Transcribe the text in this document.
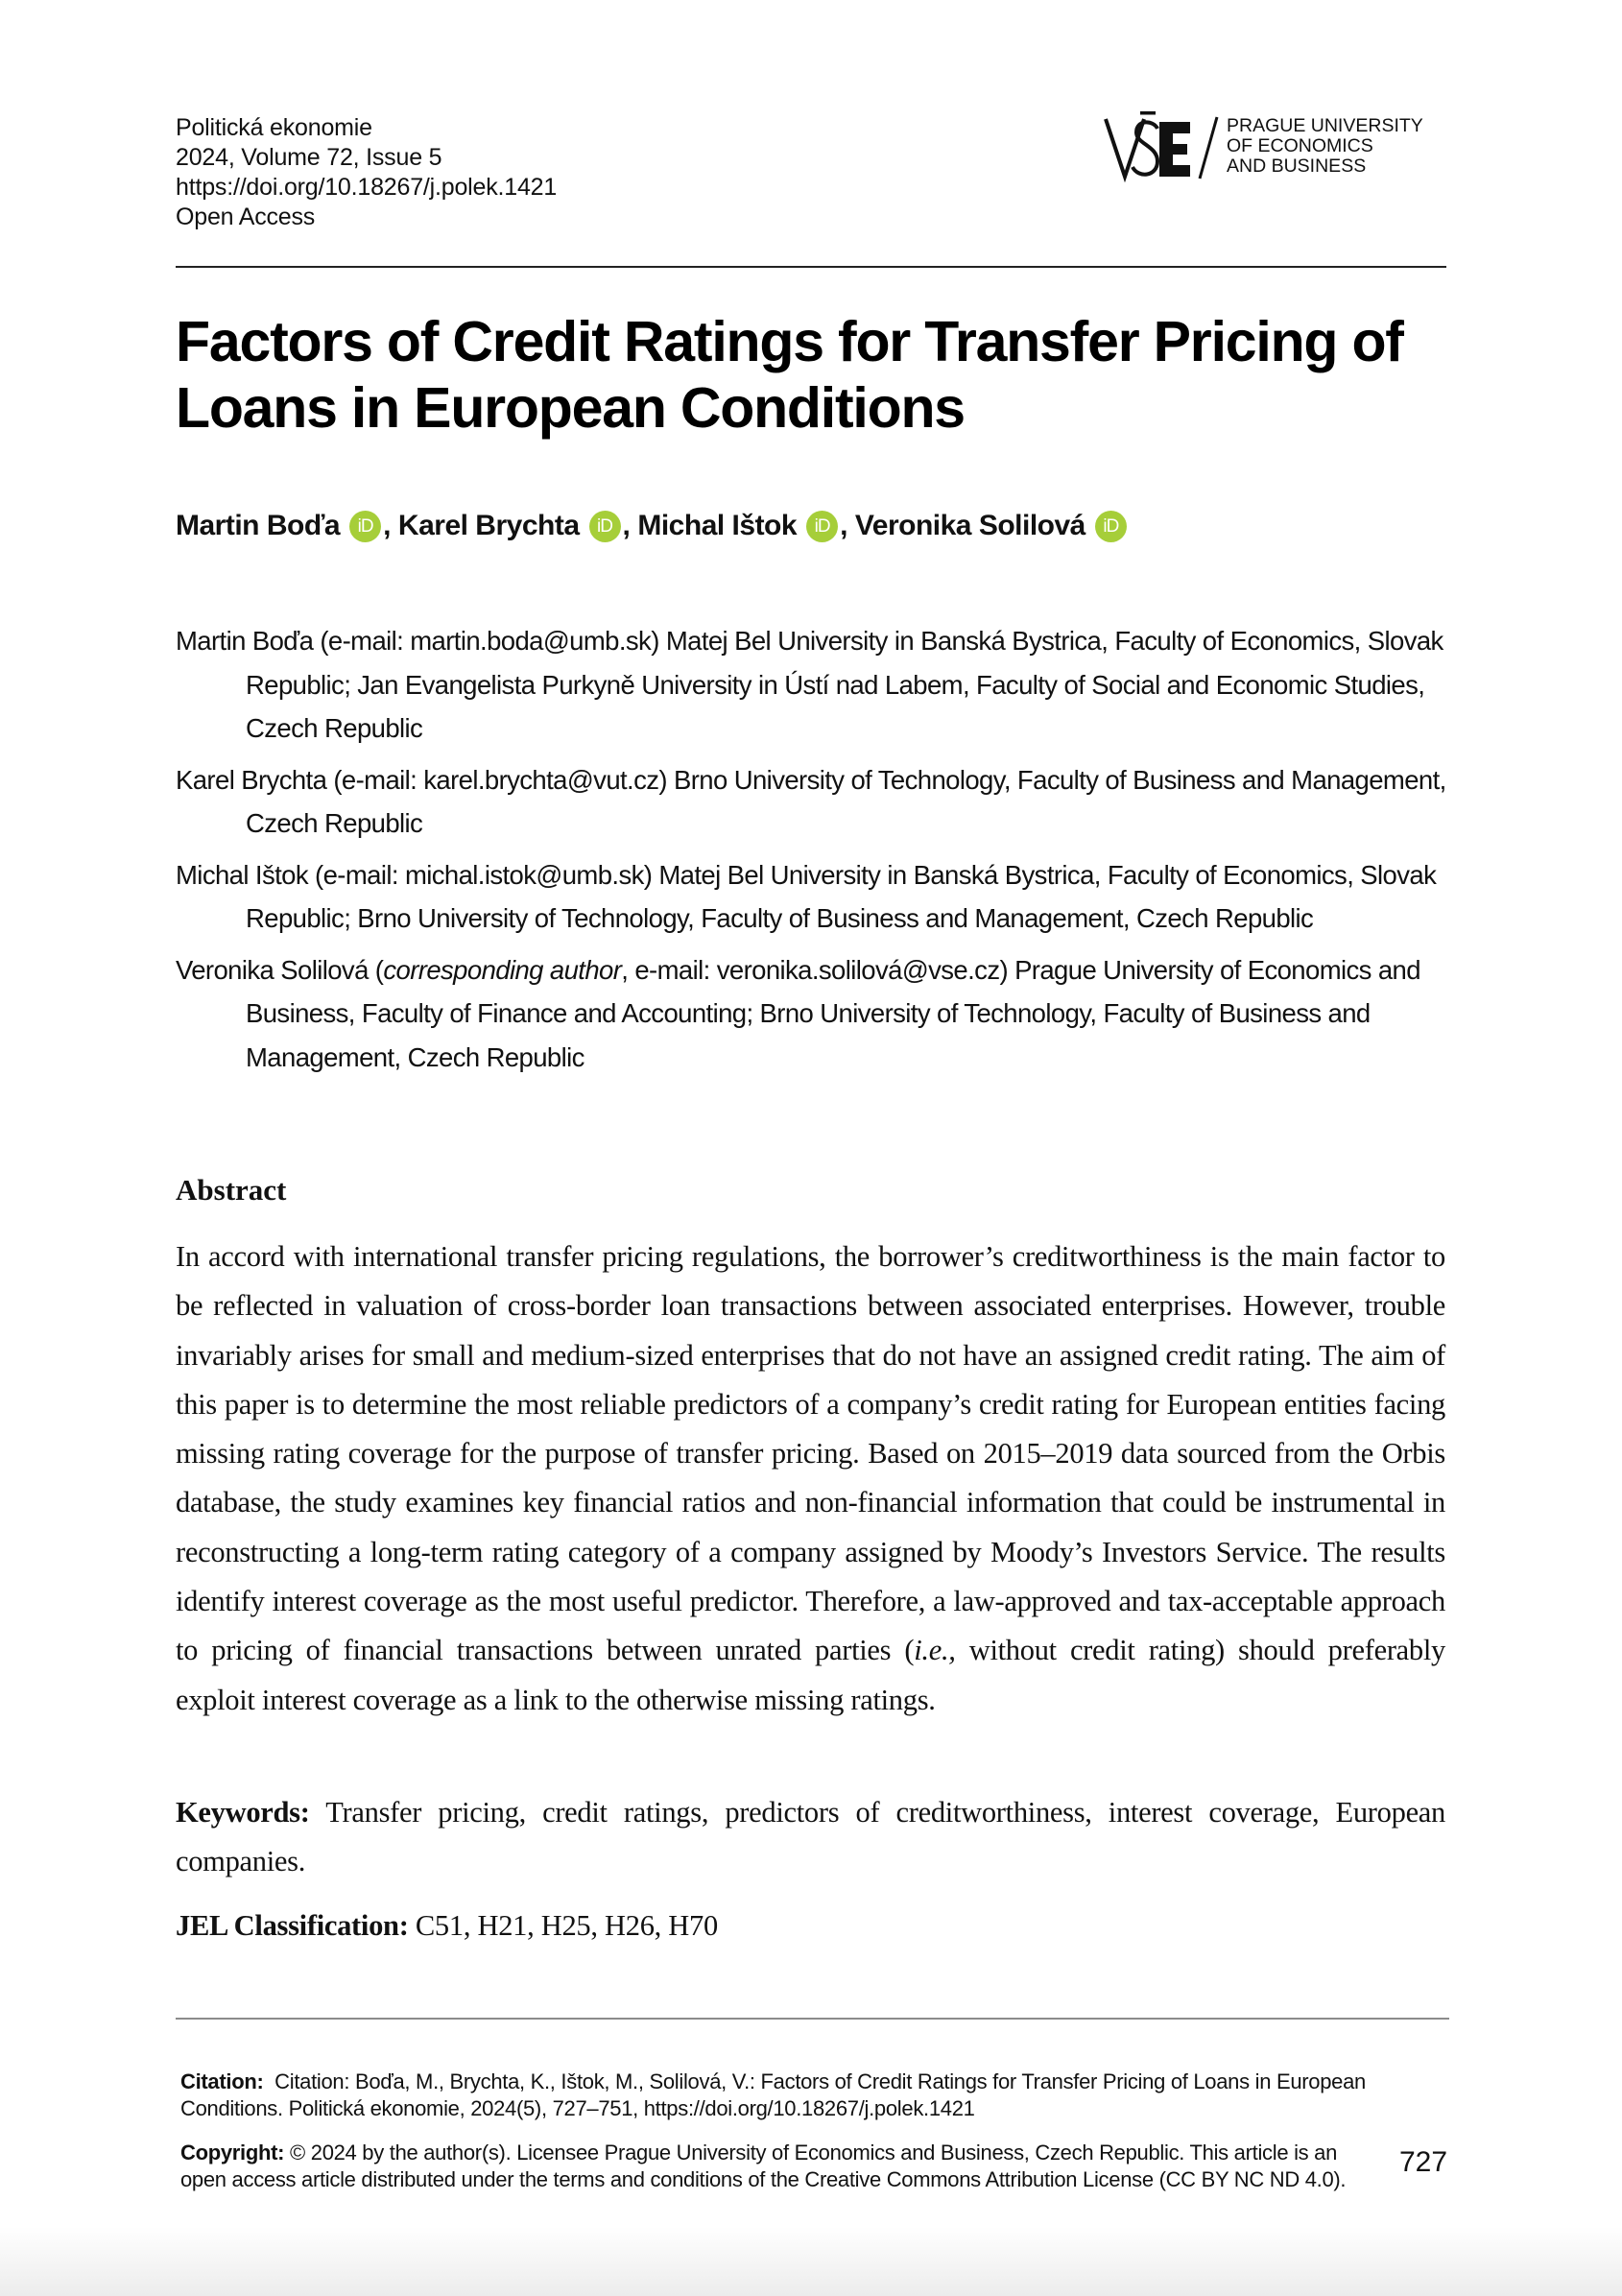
Politická ekonomie
2024, Volume 72, Issue 5
https://doi.org/10.18267/j.polek.1421
Open Access
PRAGUE UNIVERSITY
OF ECONOMICS
AND BUSINESS
Factors of Credit Ratings for Transfer Pricing of Loans in European Conditions
Martin Boďa iD , Karel Brychta iD , Michal Ištok iD , Veronika Solilová iD
Martin Boďa (e-mail: martin.boda@umb.sk) Matej Bel University in Banská Bystrica, Faculty of Economics, Slovak Republic; Jan Evangelista Purkyně University in Ústí nad Labem, Faculty of Social and Economic Studies, Czech Republic
Karel Brychta (e-mail: karel.brychta@vut.cz) Brno University of Technology, Faculty of Business and Management, Czech Republic
Michal Ištok (e-mail: michal.istok@umb.sk) Matej Bel University in Banská Bystrica, Faculty of Economics, Slovak Republic; Brno University of Technology, Faculty of Business and Management, Czech Republic
Veronika Solilová (corresponding author, e-mail: veronika.solilová@vse.cz) Prague University of Economics and Business, Faculty of Finance and Accounting; Brno University of Technology, Faculty of Business and Management, Czech Republic
Abstract

In accord with international transfer pricing regulations, the borrower’s creditworthiness is the main factor to be reflected in valuation of cross-border loan transactions between associated enterprises. However, trouble invariably arises for small and medium-sized enterprises that do not have an assigned credit rating. The aim of this paper is to determine the most reliable predictors of a company’s credit rating for European entities facing missing rating coverage for the purpose of transfer pricing. Based on 2015–2019 data sourced from the Orbis database, the study examines key financial ratios and non-financial information that could be instrumental in reconstructing a long-term rating category of a company assigned by Moody’s Investors Service. The results identify interest coverage as the most useful predictor. Therefore, a law-approved and tax-acceptable approach to pricing of financial transactions between unrated parties (i.e., without credit rating) should preferably exploit interest coverage as a link to the otherwise missing ratings.

Keywords: Transfer pricing, credit ratings, predictors of creditworthiness, interest coverage, European companies.

JEL Classification: C51, H21, H25, H26, H70

Citation:  Citation: Boďa, M., Brychta, K., Ištok, M., Solilová, V.: Factors of Credit Ratings for Transfer Pricing of Loans in European Conditions. Politická ekonomie, 2024(5), 727–751, https://doi.org/10.18267/j.polek.1421

Copyright: © 2024 by the author(s). Licensee Prague University of Economics and Business, Czech Republic. This article is an open access article distributed under the terms and conditions of the Creative Commons Attribution License (CC BY NC ND 4.0).

727
